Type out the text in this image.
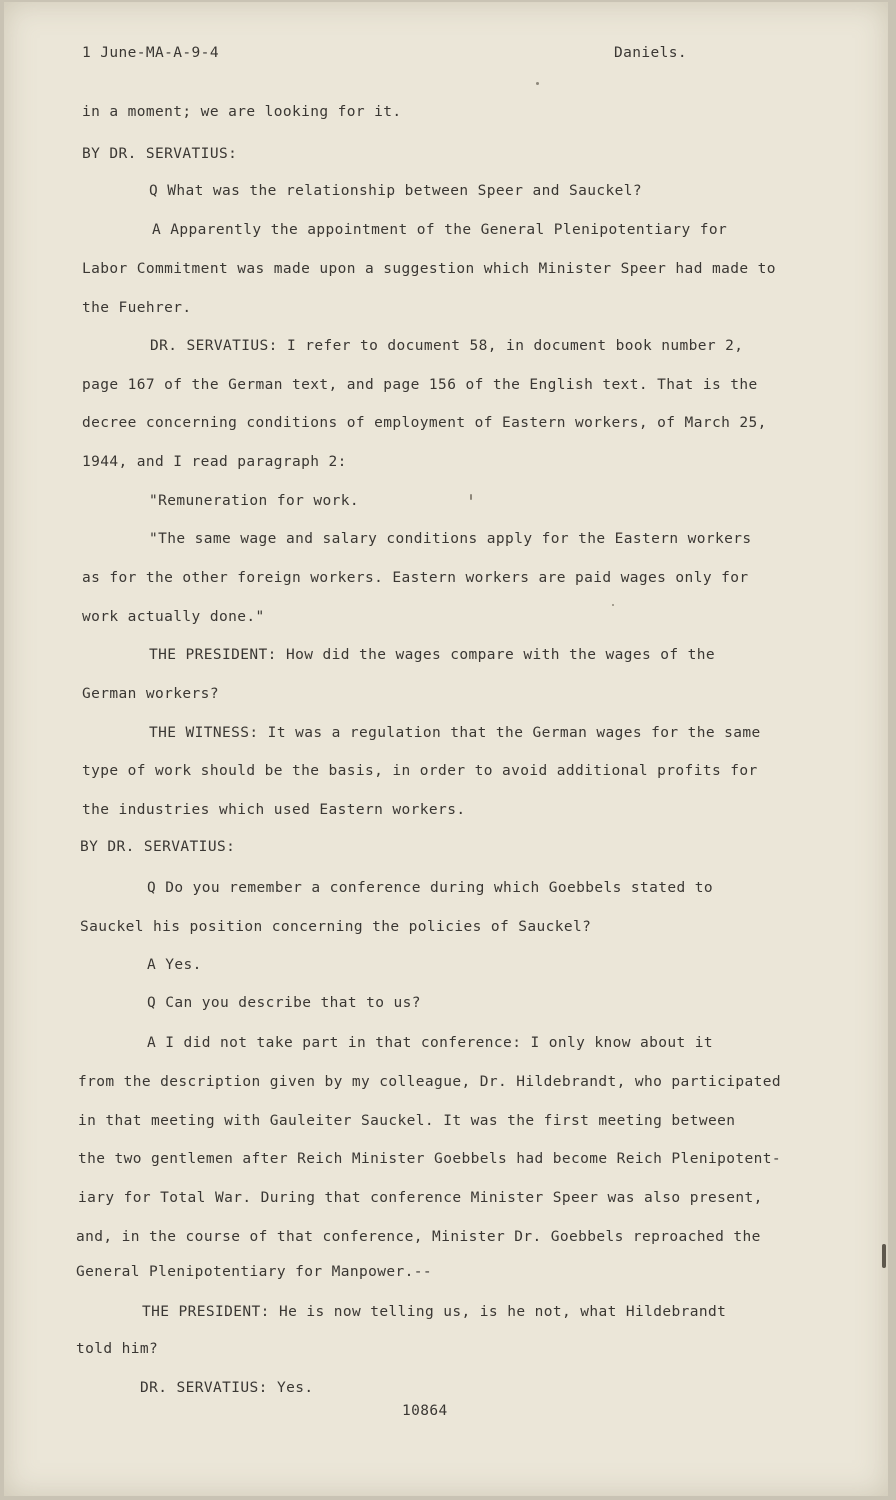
1 June-MA-A-9-4	Daniels.

in a moment; we are looking for it.

BY DR. SERVATIUS:

Q What was the relationship between Speer and Sauckel?

A Apparently the appointment of the General Plenipotentiary for

Labor Commitment was made upon a suggestion which Minister Speer had made to

the Fuehrer.

DR. SERVATIUS: I refer to document 58, in document book number 2,

page 167 of the German text, and page 156 of the English text. That is the

decree concerning conditions of employment of Eastern workers, of March 25,

1944, and I read paragraph 2:

"Remuneration for work.

"The same wage and salary conditions apply for the Eastern workers

as for the other foreign workers. Eastern workers are paid wages only for

work actually done."

THE PRESIDENT: How did the wages compare with the wages of the

German workers?

THE WITNESS: It was a regulation that the German wages for the same

type of work should be the basis, in order to avoid additional profits for

the industries which used Eastern workers.

BY DR. SERVATIUS:

Q Do you remember a conference during which Goebbels stated to

Sauckel his position concerning the policies of Sauckel?

A Yes.

Q Can you describe that to us?

A I did not take part in that conference: I only know about it

from the description given by my colleague, Dr. Hildebrandt, who participated

in that meeting with Gauleiter Sauckel. It was the first meeting between

the two gentlemen after Reich Minister Goebbels had become Reich Plenipotent-

iary for Total War. During that conference Minister Speer was also present,

and, in the course of that conference, Minister Dr. Goebbels reproached the

General Plenipotentiary for Manpower.--

THE PRESIDENT: He is now telling us, is he not, what Hildebrandt

told him?

DR. SERVATIUS: Yes.

10864
